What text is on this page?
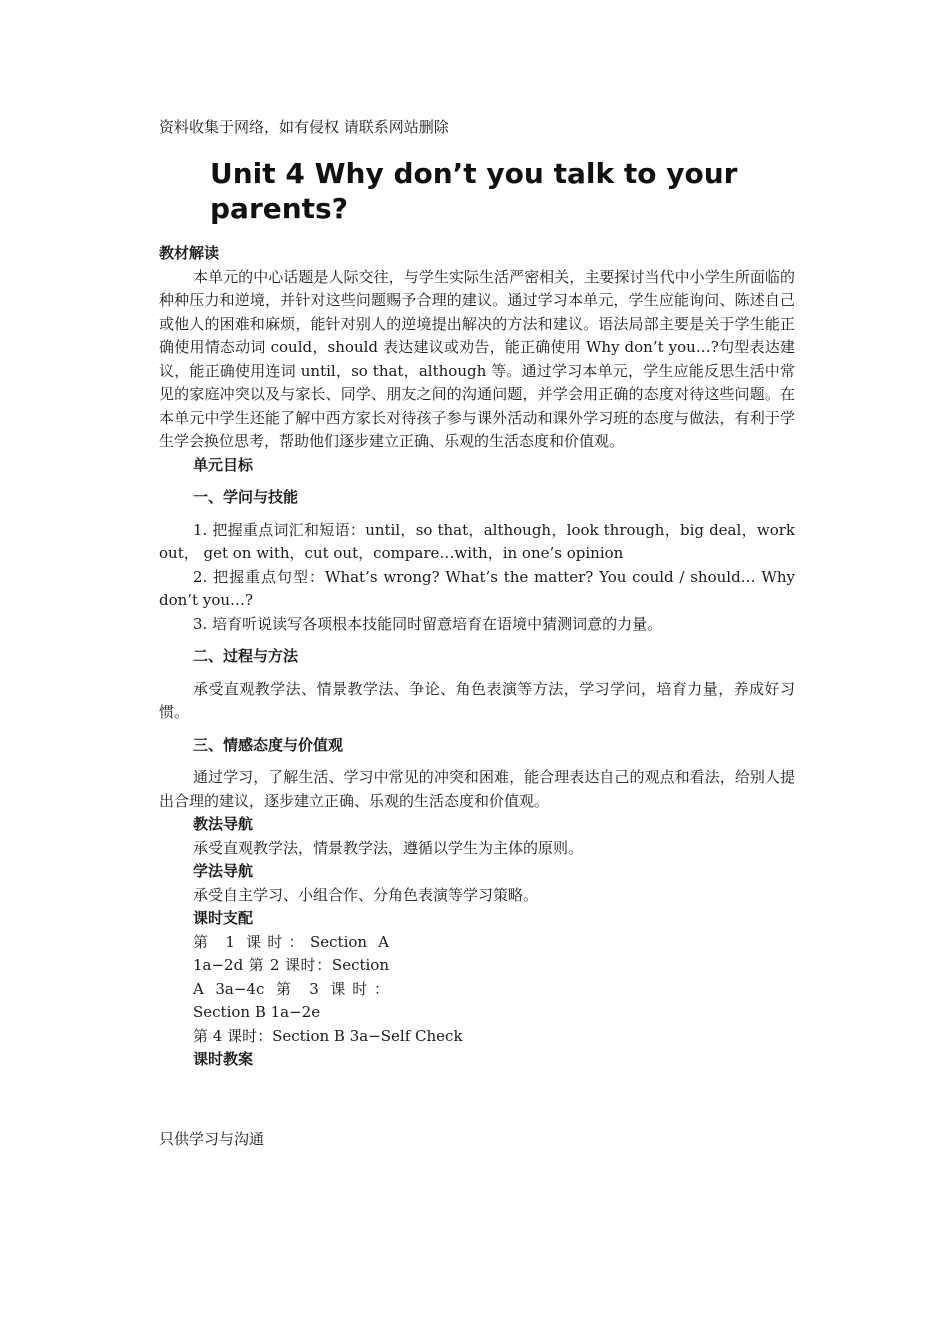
资料收集于网络，如有侵权 请联系网站删除
Unit 4 Why don’t you talk to your parents?

教材解读

本单元的中心话题是人际交往，与学生实际生活严密相关，主要探讨当代中小学生所面临的种种压力和逆境，并针对这些问题赐予合理的建议。通过学习本单元，学生应能询问、陈述自己或他人的困难和麻烦，能针对别人的逆境提出解决的方法和建议。语法局部主要是关于学生能正确使用情态动词 could，should 表达建议或劝告，能正确使用 Why don’t you…?句型表达建议，能正确使用连词 until，so that，although 等。通过学习本单元，学生应能反思生活中常见的家庭冲突以及与家长、同学、朋友之间的沟通问题，并学会用正确的态度对待这些问题。在本单元中学生还能了解中西方家长对待孩子参与课外活动和课外学习班的态度与做法，有利于学生学会换位思考，帮助他们逐步建立正确、乐观的生活态度和价值观。

单元目标

一、学问与技能

1. 把握重点词汇和短语：until，so that，although，look through，big deal，work out， get on with，cut out，compare…with，in one’s opinion

2. 把握重点句型：What’s wrong? What’s the matter? You could / should… Why don’t you…?

3. 培育听说读写各项根本技能同时留意培育在语境中猜测词意的力量。

二、过程与方法

承受直观教学法、情景教学法、争论、角色表演等方法，学习学问，培育力量，养成好习惯。

三、情感态度与价值观

通过学习，了解生活、学习中常见的冲突和困难，能合理表达自己的观点和看法，给别人提出合理的建议，逐步建立正确、乐观的生活态度和价值观。

教法导航

承受直观教学法，情景教学法，遵循以学生为主体的原则。

学法导航

承受自主学习、小组合作、分角色表演等学习策略。

课时支配

第 1 课时：Section A 1a−2d 第 2 课时：Section A 3a−4c 第 3 课时：Section B 1a−2e

第 4 课时：Section B 3a−Self Check

课时教案

只供学习与沟通
